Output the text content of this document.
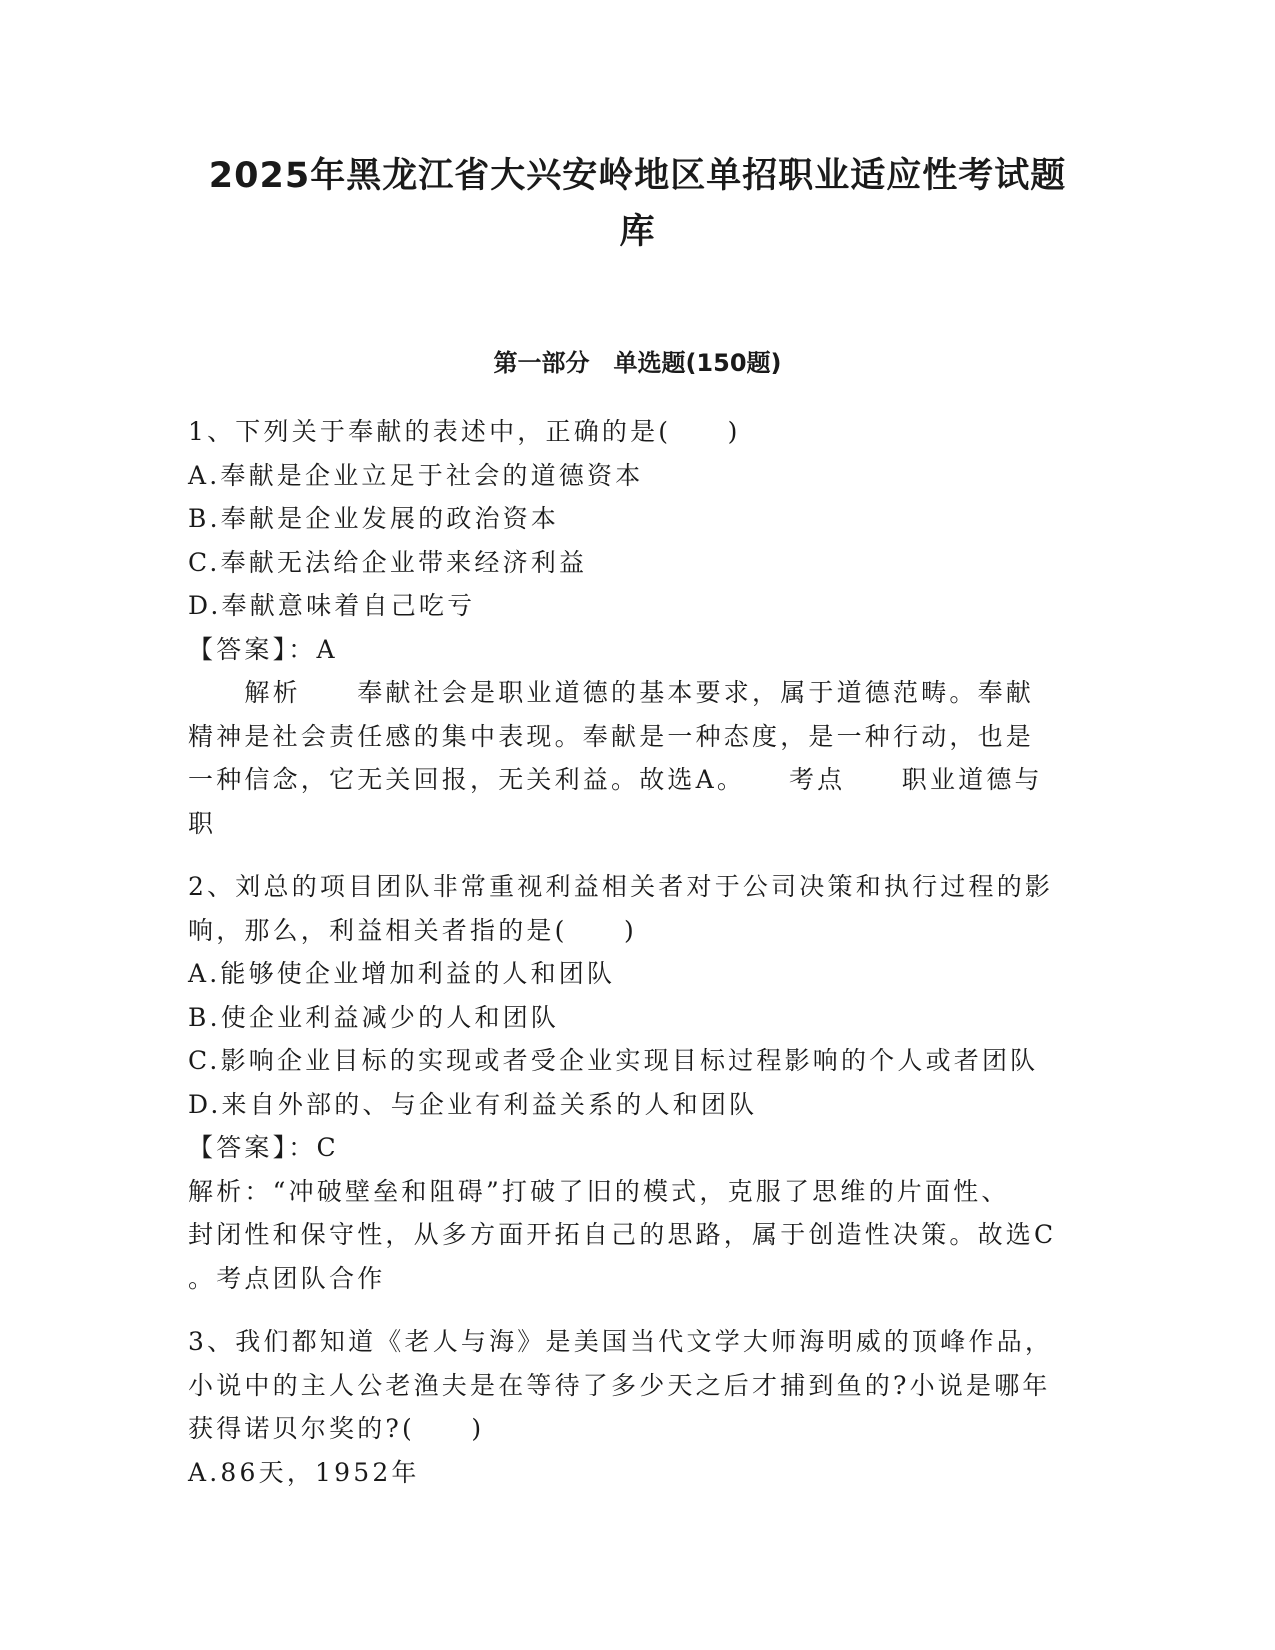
2025年黑龙江省大兴安岭地区单招职业适应性考试题
库
第一部分　单选题(150题)
1、下列关于奉献的表述中，正确的是(　　)
A.奉献是企业立足于社会的道德资本
B.奉献是企业发展的政治资本
C.奉献无法给企业带来经济利益
D.奉献意味着自己吃亏
【答案】：A
　　解析　　奉献社会是职业道德的基本要求，属于道德范畴。奉献
精神是社会责任感的集中表现。奉献是一种态度，是一种行动，也是
一种信念，它无关回报，无关利益。故选A。　　考点　　职业道德与
职
2、刘总的项目团队非常重视利益相关者对于公司决策和执行过程的影
响，那么，利益相关者指的是(　　)
A.能够使企业增加利益的人和团队
B.使企业利益减少的人和团队
C.影响企业目标的实现或者受企业实现目标过程影响的个人或者团队
D.来自外部的、与企业有利益关系的人和团队
【答案】：C
解析：“冲破壁垒和阻碍”打破了旧的模式，克服了思维的片面性、
封闭性和保守性，从多方面开拓自己的思路，属于创造性决策。故选C
。考点团队合作
3、我们都知道《老人与海》是美国当代文学大师海明威的顶峰作品，
小说中的主人公老渔夫是在等待了多少天之后才捕到鱼的?小说是哪年
获得诺贝尔奖的?(　　)
A.86天，1952年
